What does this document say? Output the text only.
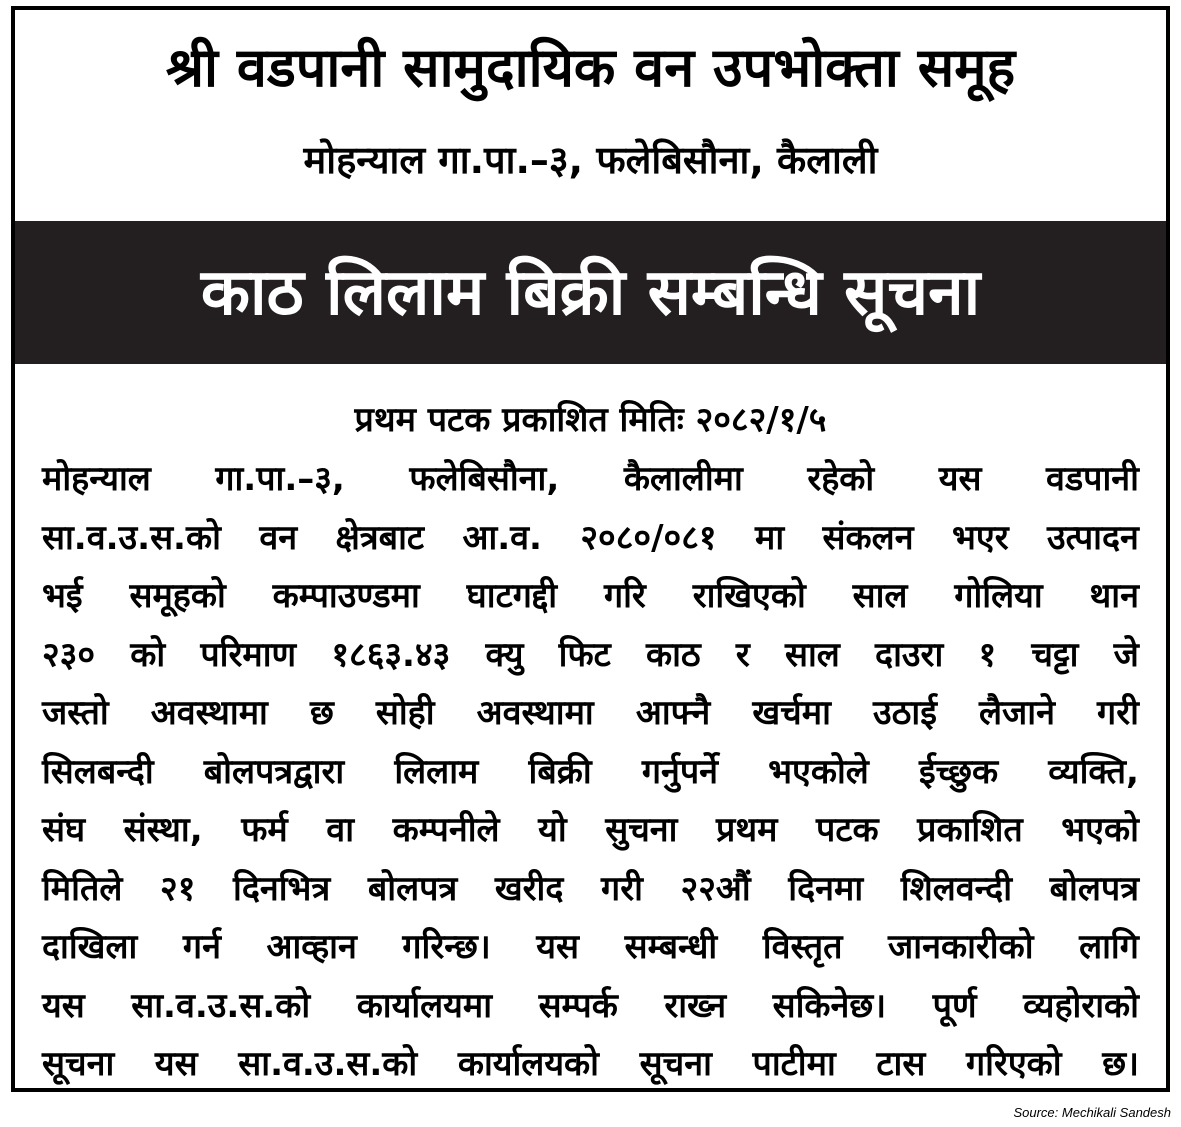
श्री वडपानी सामुदायिक वन उपभोक्ता समूह
मोहन्याल गा.पा.–३, फलेबिसौना, कैलाली
काठ लिलाम बिक्री सम्बन्धि सूचना
प्रथम पटक प्रकाशित मितिः २०८२/१/५
मोहन्याल गा.पा.–३, फलेबिसौना, कैलालीमा रहेको यस वडपानी
सा.व.उ.स.को वन क्षेत्रबाट आ.व. २०८०/०८१ मा संकलन भएर उत्पादन
भई समूहको कम्पाउण्डमा घाटगद्दी गरि राखिएको साल गोलिया थान
२३० को परिमाण १८६३.४३ क्यु फिट काठ र साल दाउरा १ चट्टा जे
जस्तो अवस्थामा छ सोही अवस्थामा आफ्नै खर्चमा उठाई लैजाने गरी
सिलबन्दी बोलपत्रद्वारा लिलाम बिक्री गर्नुपर्ने भएकोले ईच्छुक व्यक्ति,
संघ संस्था, फर्म वा कम्पनीले यो सुचना प्रथम पटक प्रकाशित भएको
मितिले २१ दिनभित्र बोलपत्र खरीद गरी २२औं दिनमा शिलवन्दी बोलपत्र
दाखिला गर्न आव्हान गरिन्छ। यस सम्बन्धी विस्तृत जानकारीको लागि
यस सा.व.उ.स.को कार्यालयमा सम्पर्क राख्न सकिनेछ। पूर्ण व्यहोराको
सूचना यस सा.व.उ.स.को कार्यालयको सूचना पाटीमा टास गरिएको छ।
Source: Mechikali Sandesh
